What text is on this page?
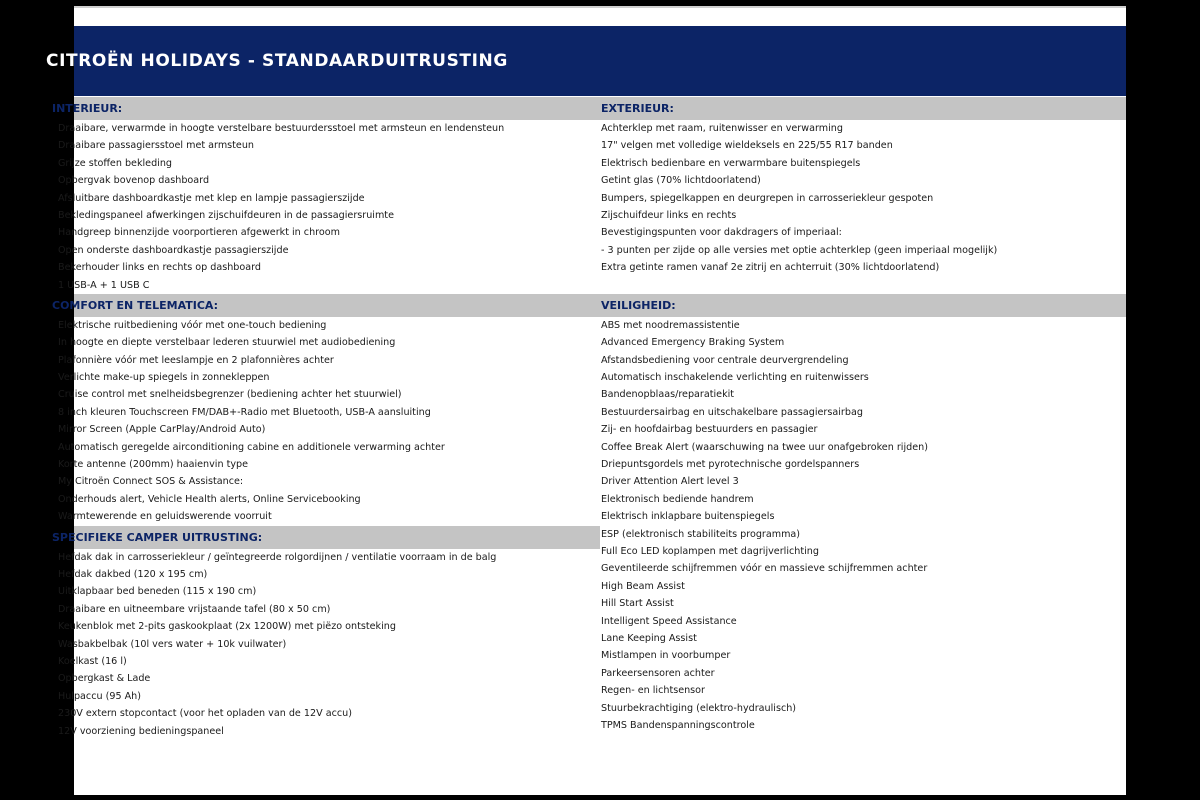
CITROËN HOLIDAYS - STANDAARDUITRUSTING
INTERIEUR:
Draaibare, verwarmde in hoogte verstelbare bestuurdersstoel met armsteun en lendensteun
Draaibare passagiersstoel met armsteun
Grijze stoffen bekleding
Opbergvak bovenop dashboard
Afsluitbare dashboardkastje met klep en lampje passagierszijde
Bekledingspaneel afwerkingen zijschuifdeuren in de passagiersruimte
Handgreep binnenzijde voorportieren afgewerkt in chroom
Open onderste dashboardkastje passagierszijde
Bekerhouder links en rechts op dashboard
1 USB-A + 1 USB C
COMFORT EN TELEMATICA:
Elektrische ruitbediening vóór met one-touch bediening
In hoogte en diepte verstelbaar lederen stuurwiel met audiobediening
Plafonnière vóór met leeslampje en 2 plafonnières achter
Verlichte make-up spiegels in zonnekleppen
Cruise control met snelheidsbegrenzer (bediening achter het stuurwiel)
8 inch kleuren Touchscreen FM/DAB+-Radio met Bluetooth, USB-A aansluiting
Mirror Screen (Apple CarPlay/Android Auto)
Automatisch geregelde airconditioning cabine en additionele verwarming achter
Korte antenne (200mm) haaienvin type
My Citroën Connect SOS & Assistance:
Onderhouds alert, Vehicle Health alerts, Online Servicebooking
Warmtewerende en geluidswerende voorruit
SPECIFIEKE CAMPER UITRUSTING:
Hefdak dak in carrosseriekleur / geïntegreerde rolgordijnen / ventilatie voorraam in de balg
Hefdak dakbed (120 x 195 cm)
Uitklapbaar bed beneden (115 x 190 cm)
Draaibare en uitneembare vrijstaande tafel (80 x 50 cm)
Keukenblok met 2-pits gaskookplaat (2x 1200W) met piëzo ontsteking
Wasbakbelbak (10l vers water + 10k vuilwater)
Koelkast (16 l)
Opbergkast & Lade
Hulpaccu (95 Ah)
230V extern stopcontact (voor het opladen van de 12V accu)
12V voorziening bedieningspaneel
EXTERIEUR:
Achterklep met raam, ruitenwisser en verwarming
17" velgen met volledige wieldeksels en 225/55 R17 banden
Elektrisch bedienbare en verwarmbare buitenspiegels
Getint glas (70% lichtdoorlatend)
Bumpers, spiegelkappen en deurgrepen in carrosseriekleur gespoten
Zijschuifdeur links en rechts
Bevestigingspunten voor dakdragers of imperiaal:
- 3 punten per zijde op alle versies met optie achterklep (geen imperiaal mogelijk)
Extra getinte ramen vanaf 2e zitrij en achterruit (30% lichtdoorlatend)
VEILIGHEID:
ABS met noodremassistentie
Advanced Emergency Braking System
Afstandsbediening voor centrale deurvergrendeling
Automatisch inschakelende verlichting en ruitenwissers
Bandenopblaas/reparatiekit
Bestuurdersairbag en uitschakelbare passagiersairbag
Zij- en hoofdairbag bestuurders en passagier
Coffee Break Alert (waarschuwing na twee uur onafgebroken rijden)
Driepuntsgordels met pyrotechnische gordelspanners
Driver Attention Alert level 3
Elektronisch bediende handrem
Elektrisch inklapbare buitenspiegels
ESP (elektronisch stabiliteits programma)
Full Eco LED koplampen met dagrijverlichting
Geventileerde schijfremmen vóór en massieve schijfremmen achter
High Beam Assist
Hill Start Assist
Intelligent Speed Assistance
Lane Keeping Assist
Mistlampen in voorbumper
Parkeersensoren achter
Regen- en lichtsensor
Stuurbekrachtiging (elektro-hydraulisch)
TPMS Bandenspanningscontrole
